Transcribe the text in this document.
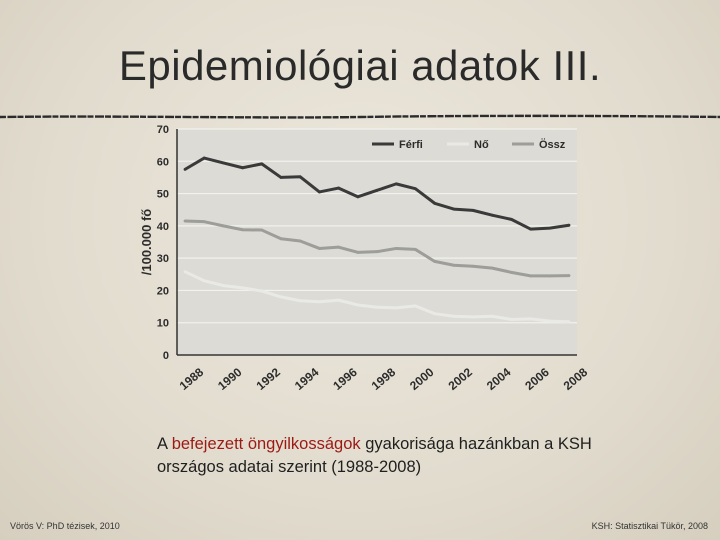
Epidemiológiai adatok III.
0
10
20
30
40
50
60
70
/100.000 fő
1988 1990 1992 1994 1996 1998 2000 2002 2004 2006 2008
Férfi	Nő	Össz
A befejezett öngyilkosságok gyakorisága hazánkban a KSH országos adatai szerint (1988-2008)
Vörös V: PhD tézisek, 2010	KSH: Statisztikai Tükör, 2008
